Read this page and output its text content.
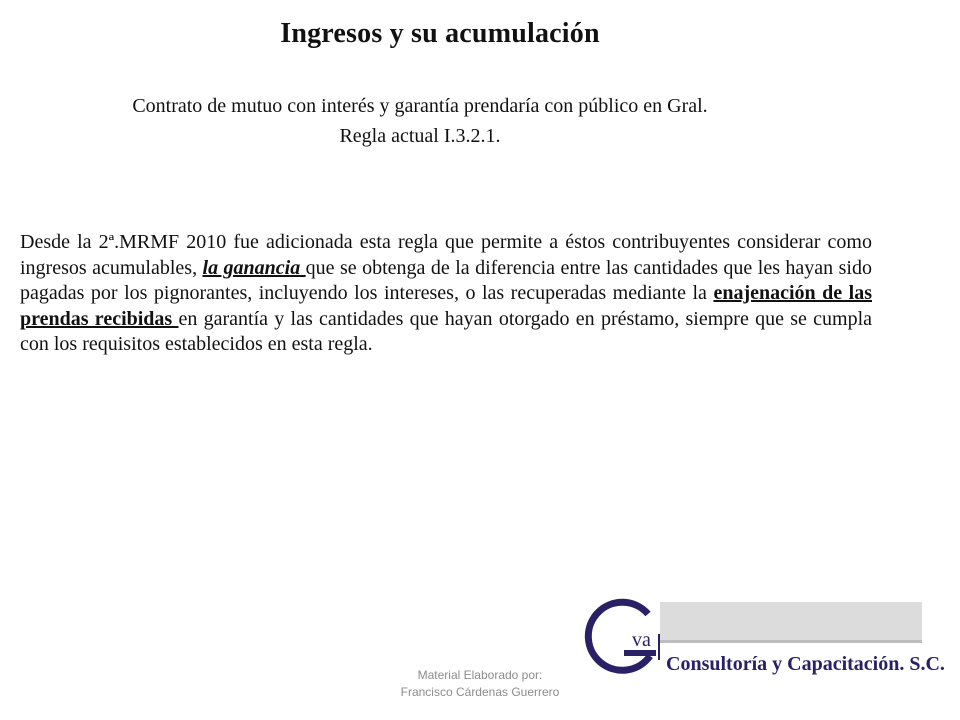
Ingresos y su acumulación
Contrato de mutuo con interés y garantía prendaría con público en Gral.
Regla actual I.3.2.1.

Desde la 2ª.MRMF 2010 fue adicionada esta regla que permite a éstos contribuyentes considerar como ingresos acumulables, la ganancia que se obtenga de la diferencia entre las cantidades que les hayan sido pagadas por los pignorantes, incluyendo los intereses, o las recuperadas mediante la enajenación de las prendas recibidas en garantía y las cantidades que hayan otorgado en préstamo, siempre que se cumpla con los requisitos establecidos en esta regla.

Material Elaborado por:
Francisco Cárdenas Guerrero
va
Consultoría y Capacitación. S.C.
